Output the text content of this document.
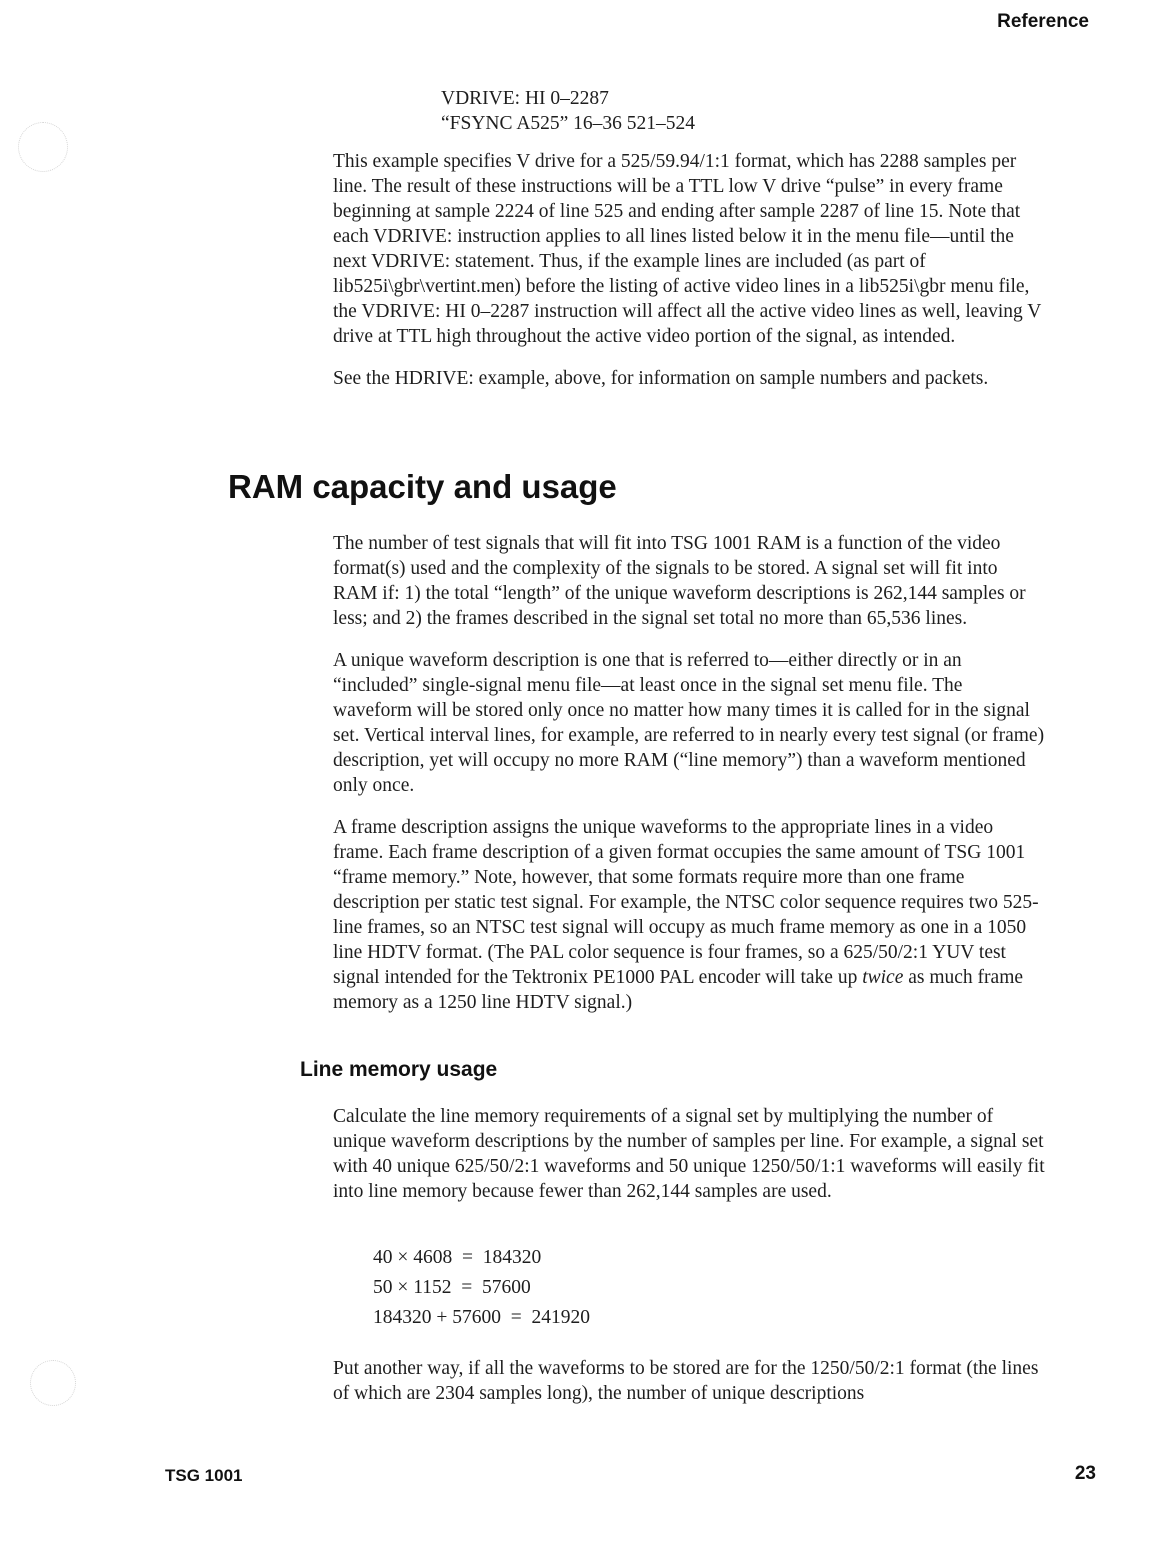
Reference
VDRIVE: HI 0–2287
“FSYNC A525” 16–36 521–524

This example specifies V drive for a 525/59.94/1:1 format, which has 2288 samples per line. The result of these instructions will be a TTL low V drive “pulse” in every frame beginning at sample 2224 of line 525 and ending after sample 2287 of line 15. Note that each VDRIVE: instruction applies to all lines listed below it in the menu file—until the next VDRIVE: statement. Thus, if the example lines are included (as part of lib525i\gbr\vertint.men) before the listing of active video lines in a lib525i\gbr menu file, the VDRIVE: HI 0–2287 instruction will affect all the active video lines as well, leaving V drive at TTL high throughout the active video portion of the signal, as intended.

See the HDRIVE: example, above, for information on sample numbers and packets.

RAM capacity and usage

The number of test signals that will fit into TSG 1001 RAM is a function of the video format(s) used and the complexity of the signals to be stored. A signal set will fit into RAM if: 1) the total “length” of the unique waveform descriptions is 262,144 samples or less; and 2) the frames described in the signal set total no more than 65,536 lines.

A unique waveform description is one that is referred to—either directly or in an “included” single-signal menu file—at least once in the signal set menu file. The waveform will be stored only once no matter how many times it is called for in the signal set. Vertical interval lines, for example, are referred to in nearly every test signal (or frame) description, yet will occupy no more RAM (“line memory”) than a waveform mentioned only once.

A frame description assigns the unique waveforms to the appropriate lines in a video frame. Each frame description of a given format occupies the same amount of TSG 1001 “frame memory.” Note, however, that some formats require more than one frame description per static test signal. For example, the NTSC color sequence requires two 525-line frames, so an NTSC test signal will occupy as much frame memory as one in a 1050 line HDTV format. (The PAL color sequence is four frames, so a 625/50/2:1 YUV test signal intended for the Tektronix PE1000 PAL encoder will take up twice as much frame memory as a 1250 line HDTV signal.)

Line memory usage

Calculate the line memory requirements of a signal set by multiplying the number of unique waveform descriptions by the number of samples per line. For example, a signal set with 40 unique 625/50/2:1 waveforms and 50 unique 1250/50/1:1 waveforms will easily fit into line memory because fewer than 262,144 samples are used.

40 × 4608  =  184320
50 × 1152  =  57600
184320 + 57600  =  241920

Put another way, if all the waveforms to be stored are for the 1250/50/2:1 format (the lines of which are 2304 samples long), the number of unique descriptions

TSG 1001	23
